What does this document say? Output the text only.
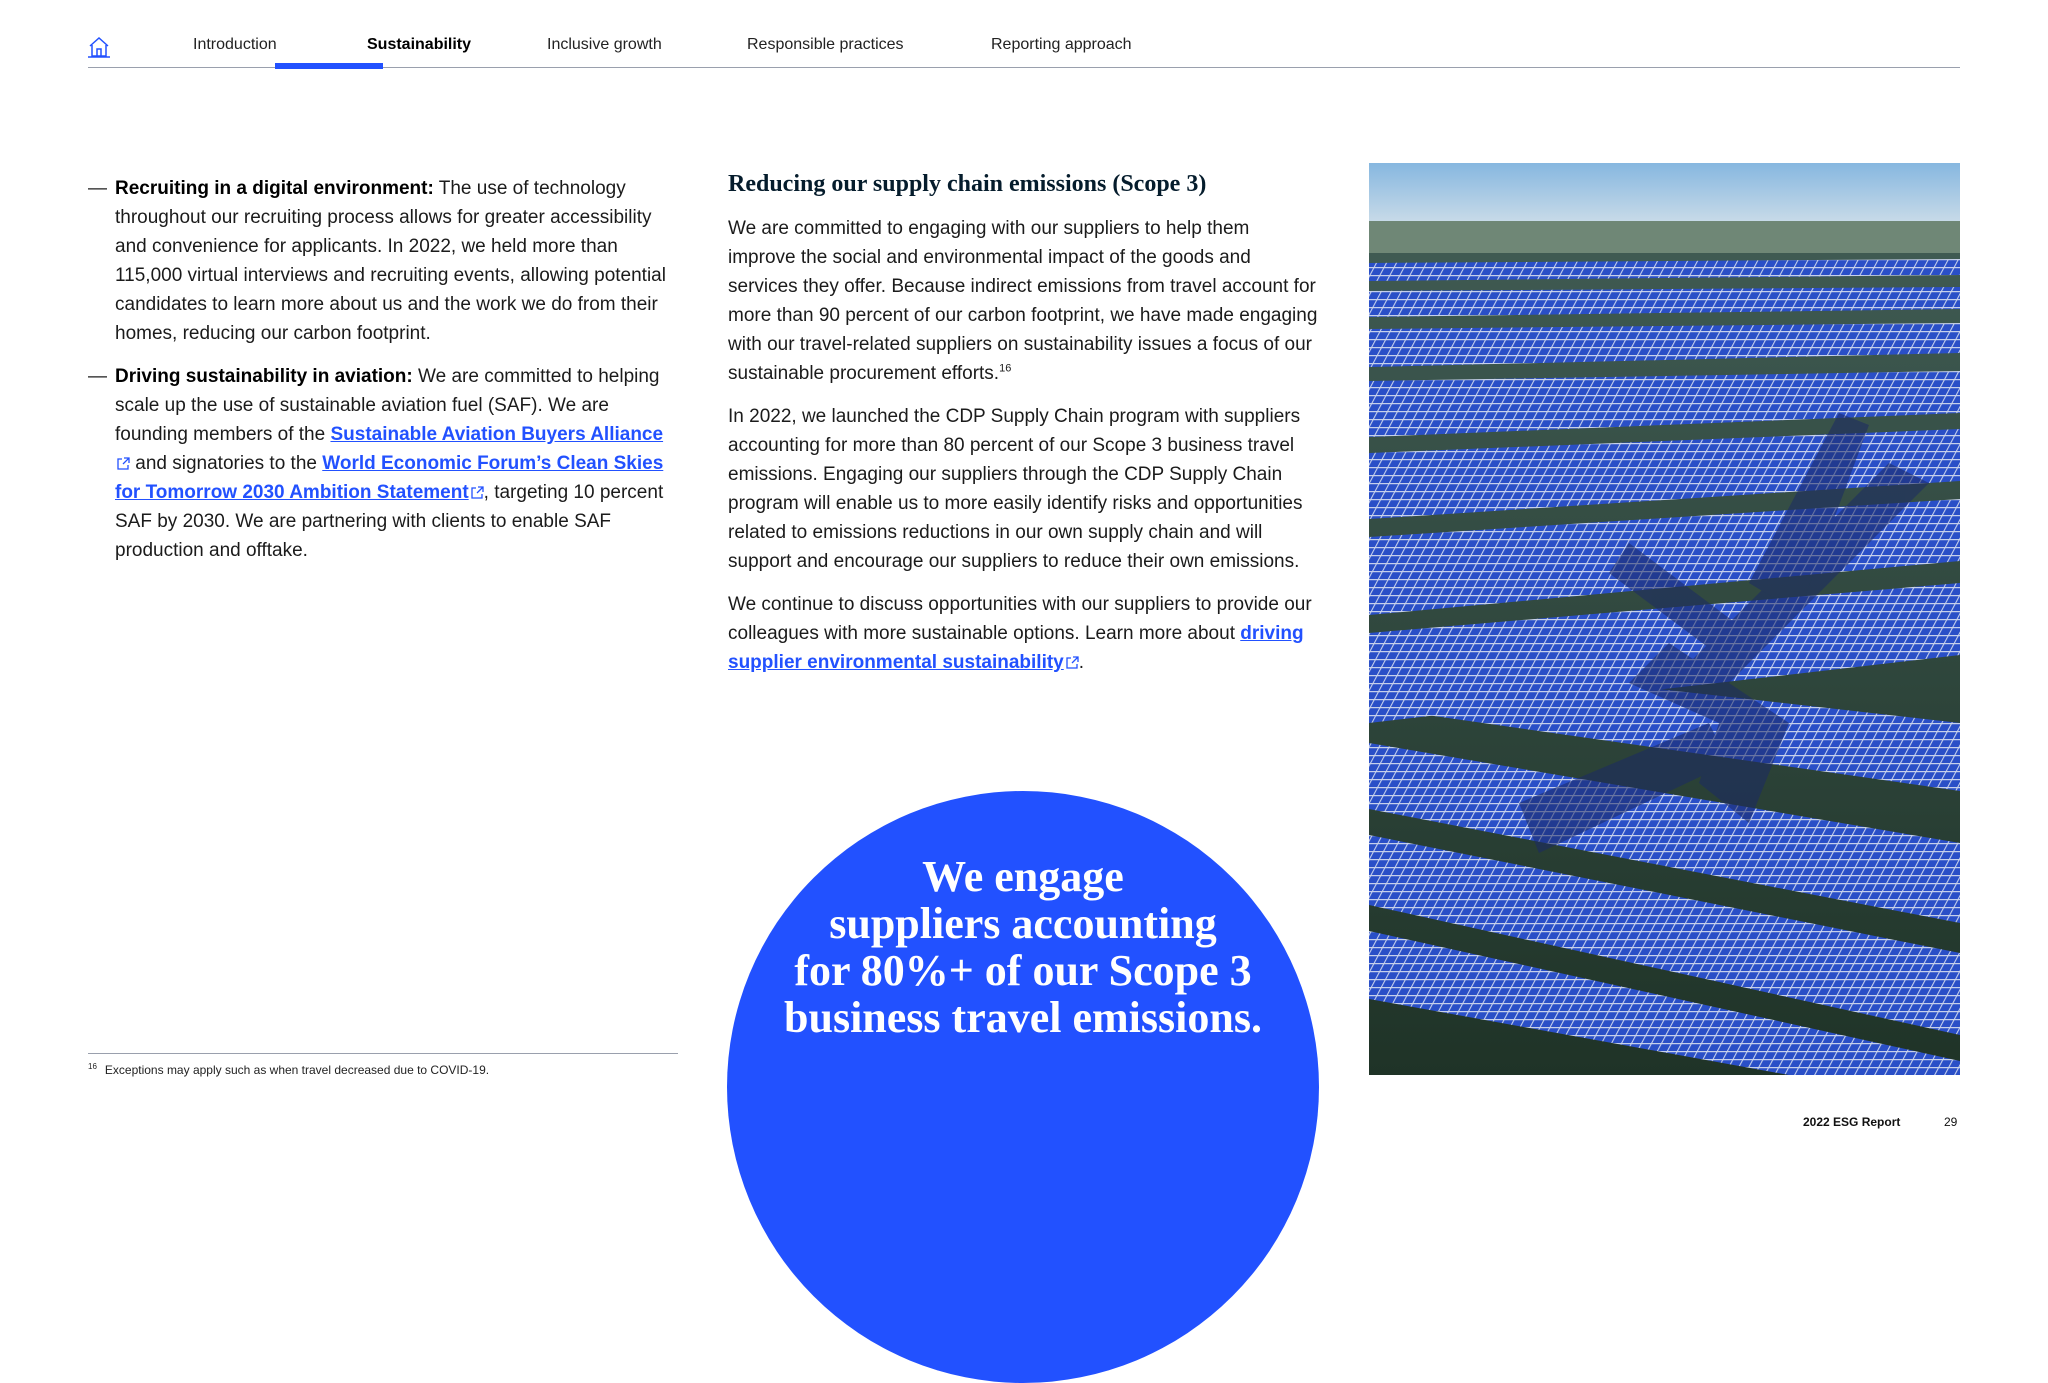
Introduction	Sustainability	Inclusive growth	Responsible practices	Reporting approach

— Recruiting in a digital environment: The use of technology throughout our recruiting process allows for greater accessibility and convenience for applicants. In 2022, we held more than 115,000 virtual interviews and recruiting events, allowing potential candidates to learn more about us and the work we do from their homes, reducing our carbon footprint.

— Driving sustainability in aviation: We are committed to helping scale up the use of sustainable aviation fuel (SAF). We are founding members of the Sustainable Aviation Buyers Alliance and signatories to the World Economic Forum’s Clean Skies for Tomorrow 2030 Ambition Statement , targeting 10 percent SAF by 2030. We are partnering with clients to enable SAF production and offtake.

Reducing our supply chain emissions (Scope 3)

We are committed to engaging with our suppliers to help them improve the social and environmental impact of the goods and services they offer. Because indirect emissions from travel account for more than 90 percent of our carbon footprint, we have made engaging with our travel-related suppliers on sustainability issues a focus of our sustainable procurement efforts.$^{16}$

In 2022, we launched the CDP Supply Chain program with suppliers accounting for more than 80 percent of our Scope 3 business travel emissions. Engaging our suppliers through the CDP Supply Chain program will enable us to more easily identify risks and opportunities related to emissions reductions in our own supply chain and will support and encourage our suppliers to reduce their own emissions.

We continue to discuss opportunities with our suppliers to provide our colleagues with more sustainable options. Learn more about driving supplier environmental sustainability .

We engage
suppliers accounting
for 80%+ of our Scope 3
business travel emissions.
$^{16}$ Exceptions may apply such as when travel decreased due to COVID-19.
2022 ESG Report	29
